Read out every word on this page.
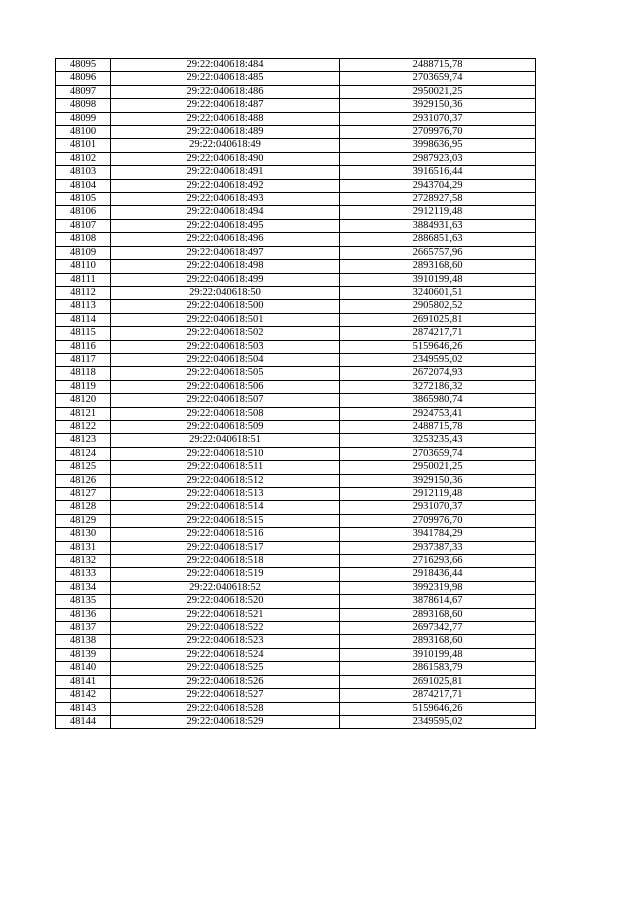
48095	29:22:040618:484	2488715,78
48096	29:22:040618:485	2703659,74
48097	29:22:040618:486	2950021,25
48098	29:22:040618:487	3929150,36
48099	29:22:040618:488	2931070,37
48100	29:22:040618:489	2709976,70
48101	29:22:040618:49	3998636,95
48102	29:22:040618:490	2987923,03
48103	29:22:040618:491	3916516,44
48104	29:22:040618:492	2943704,29
48105	29:22:040618:493	2728927,58
48106	29:22:040618:494	2912119,48
48107	29:22:040618:495	3884931,63
48108	29:22:040618:496	2886851,63
48109	29:22:040618:497	2665757,96
48110	29:22:040618:498	2893168,60
48111	29:22:040618:499	3910199,48
48112	29:22:040618:50	3240601,51
48113	29:22:040618:500	2905802,52
48114	29:22:040618:501	2691025,81
48115	29:22:040618:502	2874217,71
48116	29:22:040618:503	5159646,26
48117	29:22:040618:504	2349595,02
48118	29:22:040618:505	2672074,93
48119	29:22:040618:506	3272186,32
48120	29:22:040618:507	3865980,74
48121	29:22:040618:508	2924753,41
48122	29:22:040618:509	2488715,78
48123	29:22:040618:51	3253235,43
48124	29:22:040618:510	2703659,74
48125	29:22:040618:511	2950021,25
48126	29:22:040618:512	3929150,36
48127	29:22:040618:513	2912119,48
48128	29:22:040618:514	2931070,37
48129	29:22:040618:515	2709976,70
48130	29:22:040618:516	3941784,29
48131	29:22:040618:517	2937387,33
48132	29:22:040618:518	2716293,66
48133	29:22:040618:519	2918436,44
48134	29:22:040618:52	3992319,98
48135	29:22:040618:520	3878614,67
48136	29:22:040618:521	2893168,60
48137	29:22:040618:522	2697342,77
48138	29:22:040618:523	2893168,60
48139	29:22:040618:524	3910199,48
48140	29:22:040618:525	2861583,79
48141	29:22:040618:526	2691025,81
48142	29:22:040618:527	2874217,71
48143	29:22:040618:528	5159646,26
48144	29:22:040618:529	2349595,02
